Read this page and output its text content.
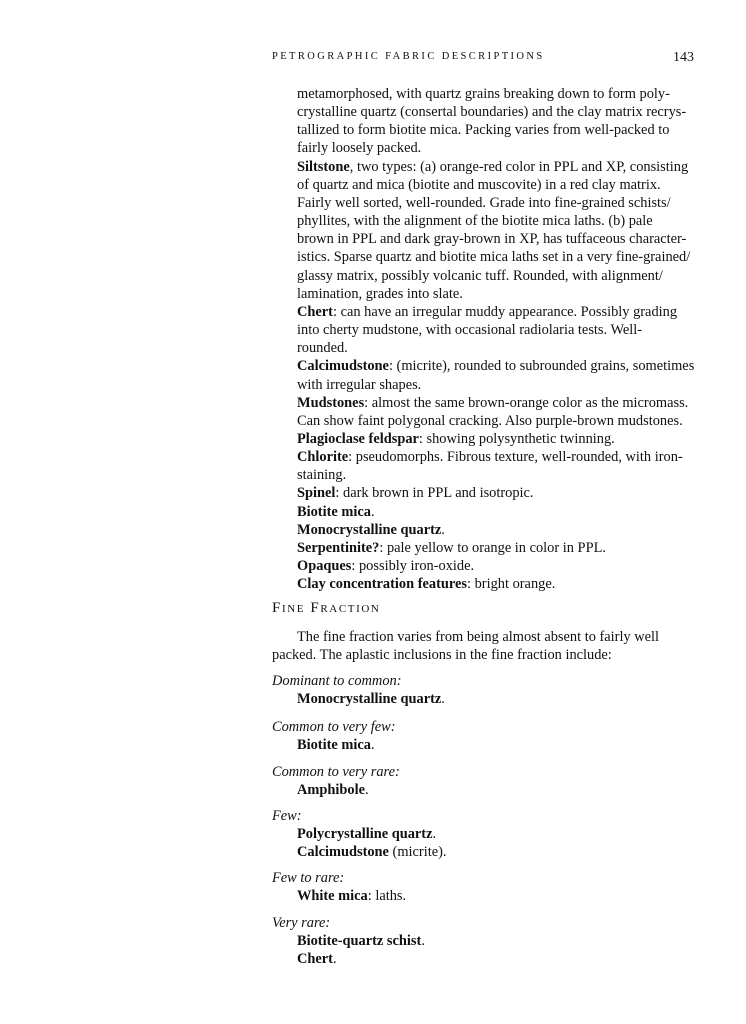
PETROGRAPHIC FABRIC DESCRIPTIONS	143

metamorphosed, with quartz grains breaking down to form poly-
crystalline quartz (consertal boundaries) and the clay matrix recrys-
tallized to form biotite mica. Packing varies from well-packed to
fairly loosely packed.

Siltstone, two types: (a) orange-red color in PPL and XP, consisting
of quartz and mica (biotite and muscovite) in a red clay matrix.
Fairly well sorted, well-rounded. Grade into fine-grained schists/
phyllites, with the alignment of the biotite mica laths. (b) pale
brown in PPL and dark gray-brown in XP, has tuffaceous character-
istics. Sparse quartz and biotite mica laths set in a very fine-grained/
glassy matrix, possibly volcanic tuff. Rounded, with alignment/
lamination, grades into slate.

Chert: can have an irregular muddy appearance. Possibly grading
into cherty mudstone, with occasional radiolaria tests. Well-
rounded.

Calcimudstone: (micrite), rounded to subrounded grains, sometimes
with irregular shapes.

Mudstones: almost the same brown-orange color as the micromass.
Can show faint polygonal cracking. Also purple-brown mudstones.

Plagioclase feldspar: showing polysynthetic twinning.

Chlorite: pseudomorphs. Fibrous texture, well-rounded, with iron-
staining.

Spinel: dark brown in PPL and isotropic.

Biotite mica.

Monocrystalline quartz.

Serpentinite?: pale yellow to orange in color in PPL.

Opaques: possibly iron-oxide.

Clay concentration features: bright orange.

Fine Fraction

The fine fraction varies from being almost absent to fairly well
packed. The aplastic inclusions in the fine fraction include:

Dominant to common:
Monocrystalline quartz.
Common to very few:
Biotite mica.
Common to very rare:
Amphibole.
Few:
Polycrystalline quartz.
Calcimudstone (micrite).
Few to rare:
White mica: laths.
Very rare:
Biotite-quartz schist.
Chert.
